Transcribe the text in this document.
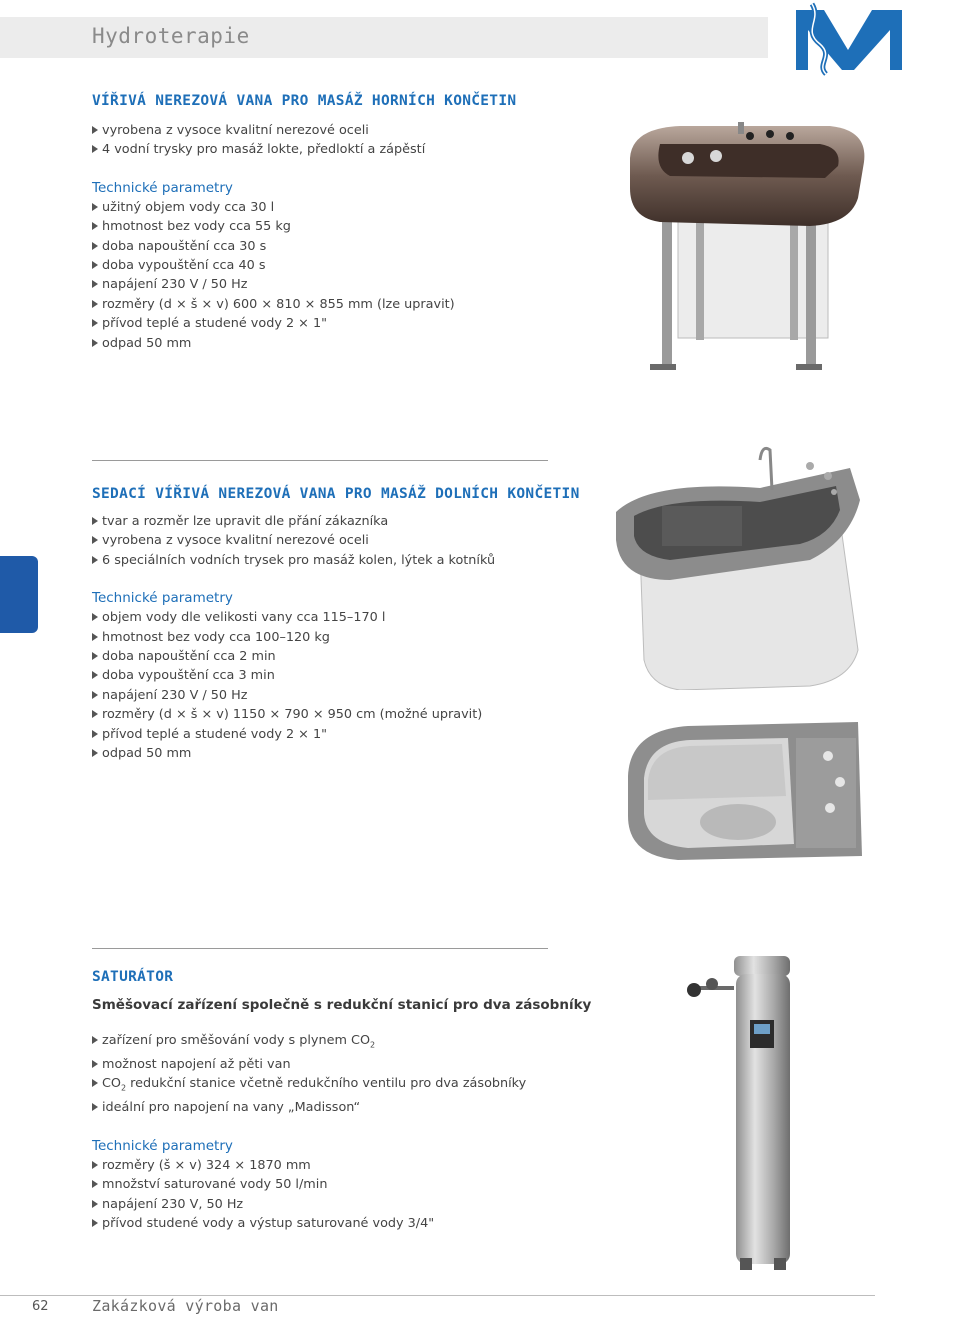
Hydroterapie
VÍŘIVÁ NEREZOVÁ VANA PRO MASÁŽ HORNÍCH KONČETIN
vyrobena z vysoce kvalitní nerezové oceli
4 vodní trysky pro masáž lokte, předloktí a zápěstí

Technické parametry

užitný objem vody cca 30 l
hmotnost bez vody cca 55 kg
doba napouštění cca 30 s
doba vypouštění cca 40 s
napájení 230 V / 50 Hz
rozměry (d × š × v) 600 × 810 × 855 mm (lze upravit)
přívod teplé a studené vody 2 × 1"
odpad 50 mm
SEDACÍ VÍŘIVÁ NEREZOVÁ VANA PRO MASÁŽ DOLNÍCH KONČETIN
tvar a rozměr lze upravit dle přání zákazníka
vyrobena z vysoce kvalitní nerezové oceli
6 speciálních vodních trysek pro masáž kolen, lýtek a kotníků

Technické parametry

objem vody dle velikosti vany cca 115–170 l
hmotnost bez vody cca 100–120 kg
doba napouštění cca 2 min
doba vypouštění cca 3 min
napájení 230 V / 50 Hz
rozměry (d × š × v) 1150 × 790 × 950 cm (možné upravit)
přívod teplé a studené vody 2 × 1"
odpad 50 mm
SATURÁTOR

Směšovací zařízení společně s redukční stanicí pro dva zásobníky

zařízení pro směšování vody s plynem $CO_2$
možnost napojení až pěti van
$CO_2$ redukční stanice včetně redukčního ventilu pro dva zásobníky
ideální pro napojení na vany „Madisson“

Technické parametry

rozměry (š × v) 324 × 1870 mm
množství saturované vody 50 l/min
napájení 230 V, 50 Hz
přívod studené vody a výstup saturované vody 3/4"
62	Zakázková výroba van
